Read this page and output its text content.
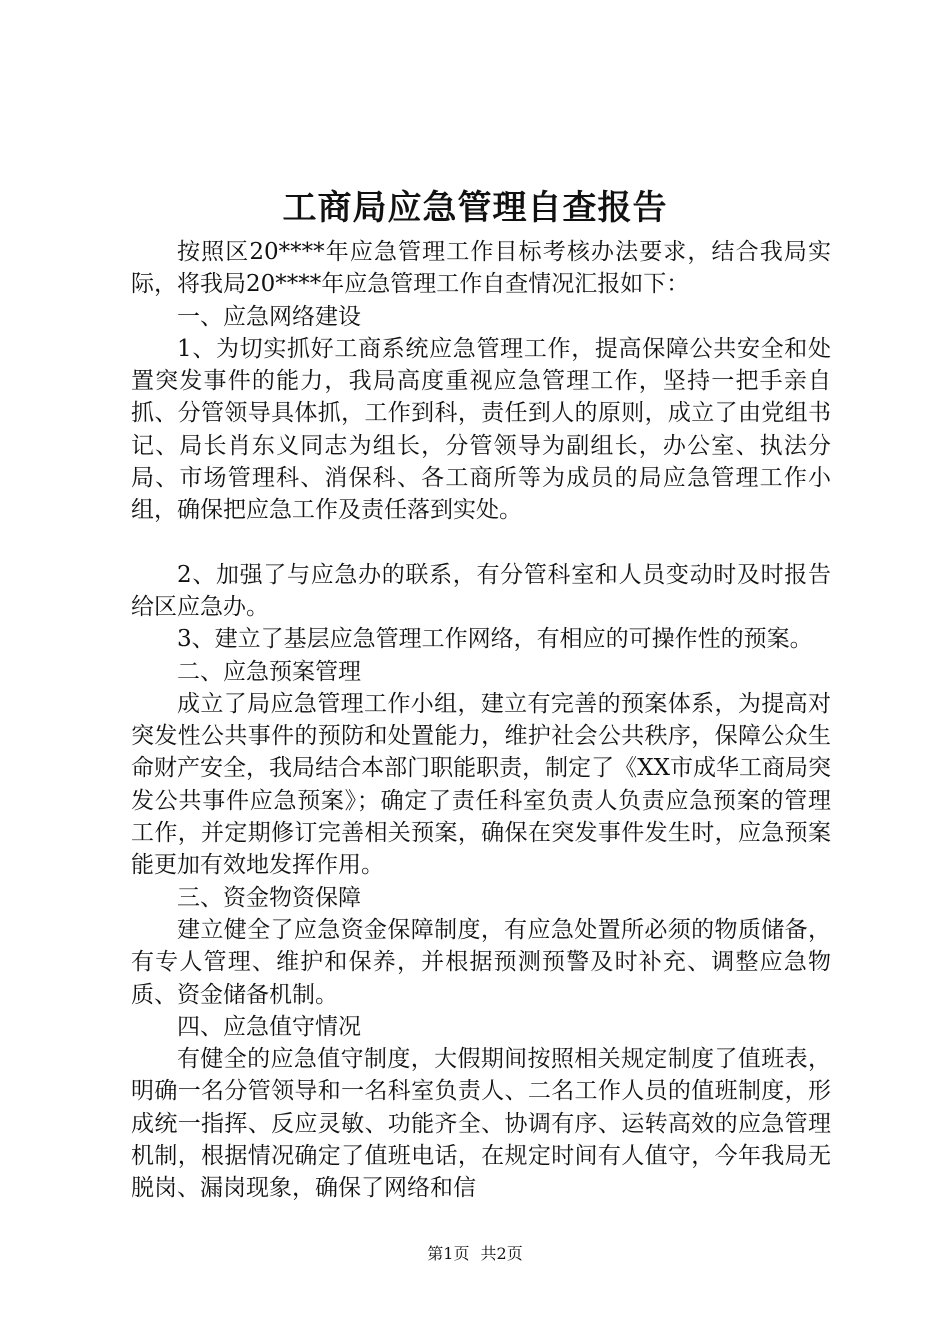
工商局应急管理自查报告

按照区20****年应急管理工作目标考核办法要求，结合我局实际，将我局20****年应急管理工作自查情况汇报如下：

一、应急网络建设

1、为切实抓好工商系统应急管理工作，提高保障公共安全和处置突发事件的能力，我局高度重视应急管理工作，坚持一把手亲自抓、分管领导具体抓，工作到科，责任到人的原则，成立了由党组书记、局长肖东义同志为组长，分管领导为副组长，办公室、执法分局、市场管理科、消保科、各工商所等为成员的局应急管理工作小组，确保把应急工作及责任落到实处。

2、加强了与应急办的联系，有分管科室和人员变动时及时报告给区应急办。

3、建立了基层应急管理工作网络，有相应的可操作性的预案。

二、应急预案管理

成立了局应急管理工作小组，建立有完善的预案体系，为提高对突发性公共事件的预防和处置能力，维护社会公共秩序，保障公众生命财产安全，我局结合本部门职能职责，制定了《XX市成华工商局突发公共事件应急预案》；确定了责任科室负责人负责应急预案的管理工作，并定期修订完善相关预案，确保在突发事件发生时，应急预案能更加有效地发挥作用。

三、资金物资保障

建立健全了应急资金保障制度，有应急处置所必须的物质储备，有专人管理、维护和保养，并根据预测预警及时补充、调整应急物质、资金储备机制。

四、应急值守情况

有健全的应急值守制度，大假期间按照相关规定制度了值班表，明确一名分管领导和一名科室负责人、二名工作人员的值班制度，形成统一指挥、反应灵敏、功能齐全、协调有序、运转高效的应急管理机制，根据情况确定了值班电话，在规定时间有人值守，今年我局无脱岗、漏岗现象，确保了网络和信

第1页 共2页
